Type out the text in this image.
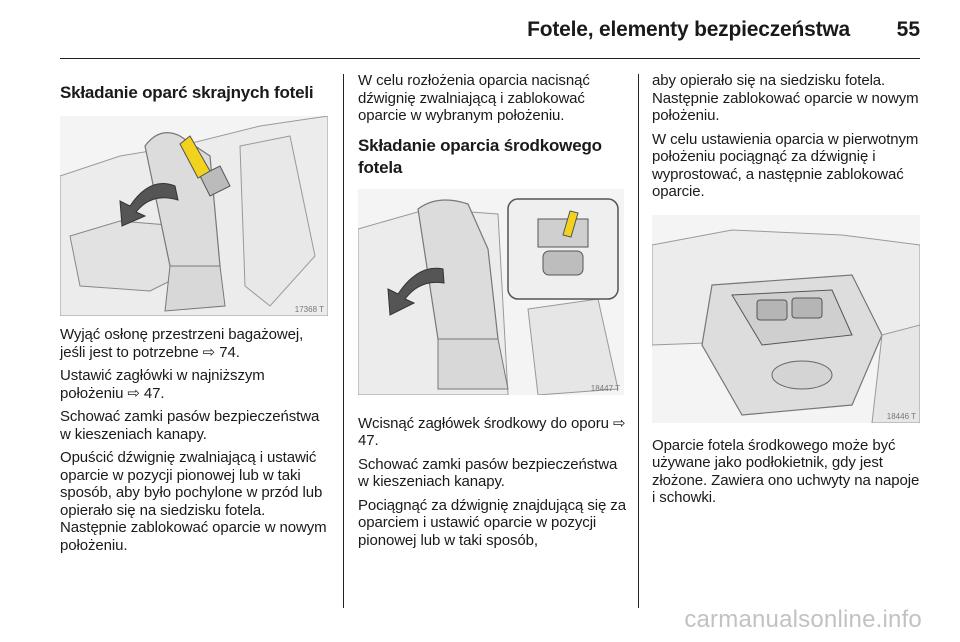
Fotele, elementy bezpieczeństwa 55
Składanie oparć skrajnych foteli
17368 T

Wyjąć osłonę przestrzeni bagażowej, jeśli jest to potrzebne ⇨ 74.

Ustawić zagłówki w najniższym położeniu ⇨ 47.

Schować zamki pasów bezpieczeństwa w kieszeniach kanapy.

Opuścić dźwignię zwalniającą i ustawić oparcie w pozycji pionowej lub w taki sposób, aby było pochylone w przód lub opierało się na siedzisku fotela. Następnie zablokować oparcie w nowym położeniu.

W celu rozłożenia oparcia nacisnąć dźwignię zwalniającą i zablokować oparcie w wybranym położeniu.

Składanie oparcia środkowego fotela
18447 T

Wcisnąć zagłówek środkowy do oporu ⇨ 47.

Schować zamki pasów bezpieczeństwa w kieszeniach kanapy.

Pociągnąć za dźwignię znajdującą się za oparciem i ustawić oparcie w pozycji pionowej lub w taki sposób,

aby opierało się na siedzisku fotela. Następnie zablokować oparcie w nowym położeniu.

W celu ustawienia oparcia w pierwotnym położeniu pociągnąć za dźwignię i wyprostować, a następnie zablokować oparcie.

18446 T

Oparcie fotela środkowego może być używane jako podłokietnik, gdy jest złożone. Zawiera ono uchwyty na napoje i schowki.

carmanualsonline.info
